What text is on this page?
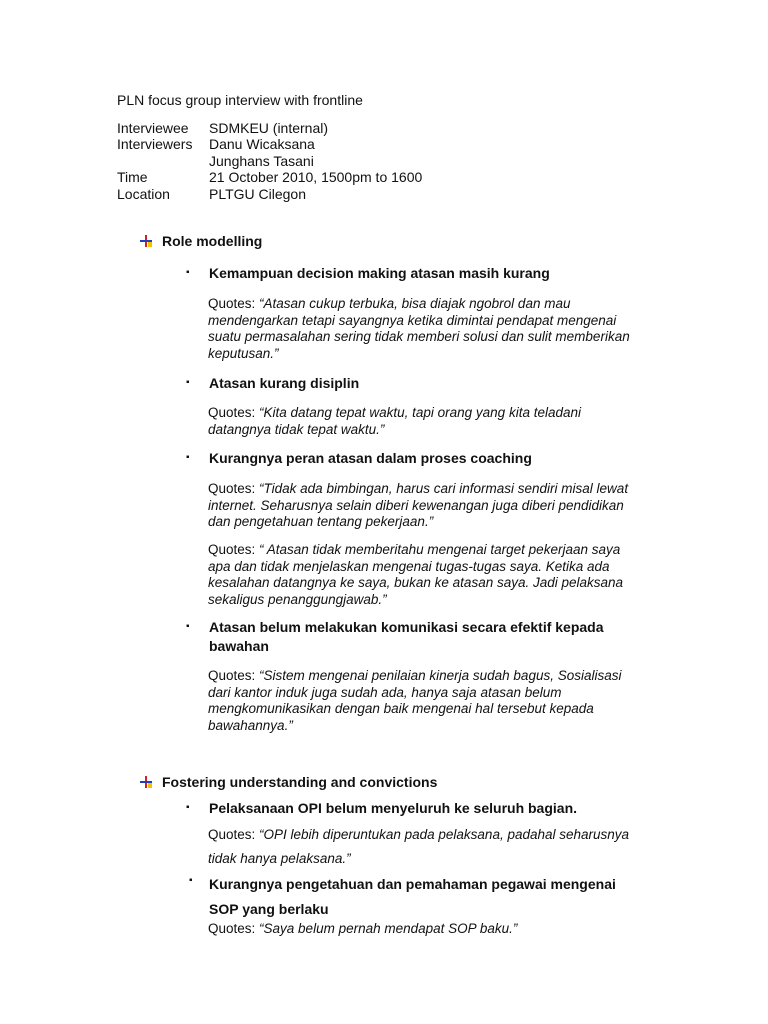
PLN focus group interview with frontline
Interviewee SDMKEU (internal)
Interviewers Danu Wicaksana
Junghans Tasani
Time	21 October 2010, 1500pm to 1600
Location	PLTGU Cilegon
Role modelling
▪ Kemampuan decision making atasan masih kurang
Quotes: “Atasan cukup terbuka, bisa diajak ngobrol dan mau
mendengarkan tetapi sayangnya ketika dimintai pendapat mengenai
suatu permasalahan sering tidak memberi solusi dan sulit memberikan
keputusan.”
▪ Atasan kurang disiplin
Quotes: “Kita datang tepat waktu, tapi orang yang kita teladani
datangnya tidak tepat waktu.”
▪ Kurangnya peran atasan dalam proses coaching
Quotes: “Tidak ada bimbingan, harus cari informasi sendiri misal lewat
internet. Seharusnya selain diberi kewenangan juga diberi pendidikan
dan pengetahuan tentang pekerjaan.”
Quotes: “ Atasan tidak memberitahu mengenai target pekerjaan saya
apa dan tidak menjelaskan mengenai tugas-tugas saya. Ketika ada
kesalahan datangnya ke saya, bukan ke atasan saya. Jadi pelaksana
sekaligus penanggungjawab.”
▪ Atasan belum melakukan komunikasi secara efektif kepada
bawahan
Quotes: “Sistem mengenai penilaian kinerja sudah bagus, Sosialisasi
dari kantor induk juga sudah ada, hanya saja atasan belum
mengkomunikasikan dengan baik mengenai hal tersebut kepada
bawahannya.”
Fostering understanding and convictions
▪ Pelaksanaan OPI belum menyeluruh ke seluruh bagian.
Quotes: “OPI lebih diperuntukan pada pelaksana, padahal seharusnya
tidak hanya pelaksana.”
▪ Kurangnya pengetahuan dan pemahaman pegawai mengenai
SOP yang berlaku
Quotes: “Saya belum pernah mendapat SOP baku.”
